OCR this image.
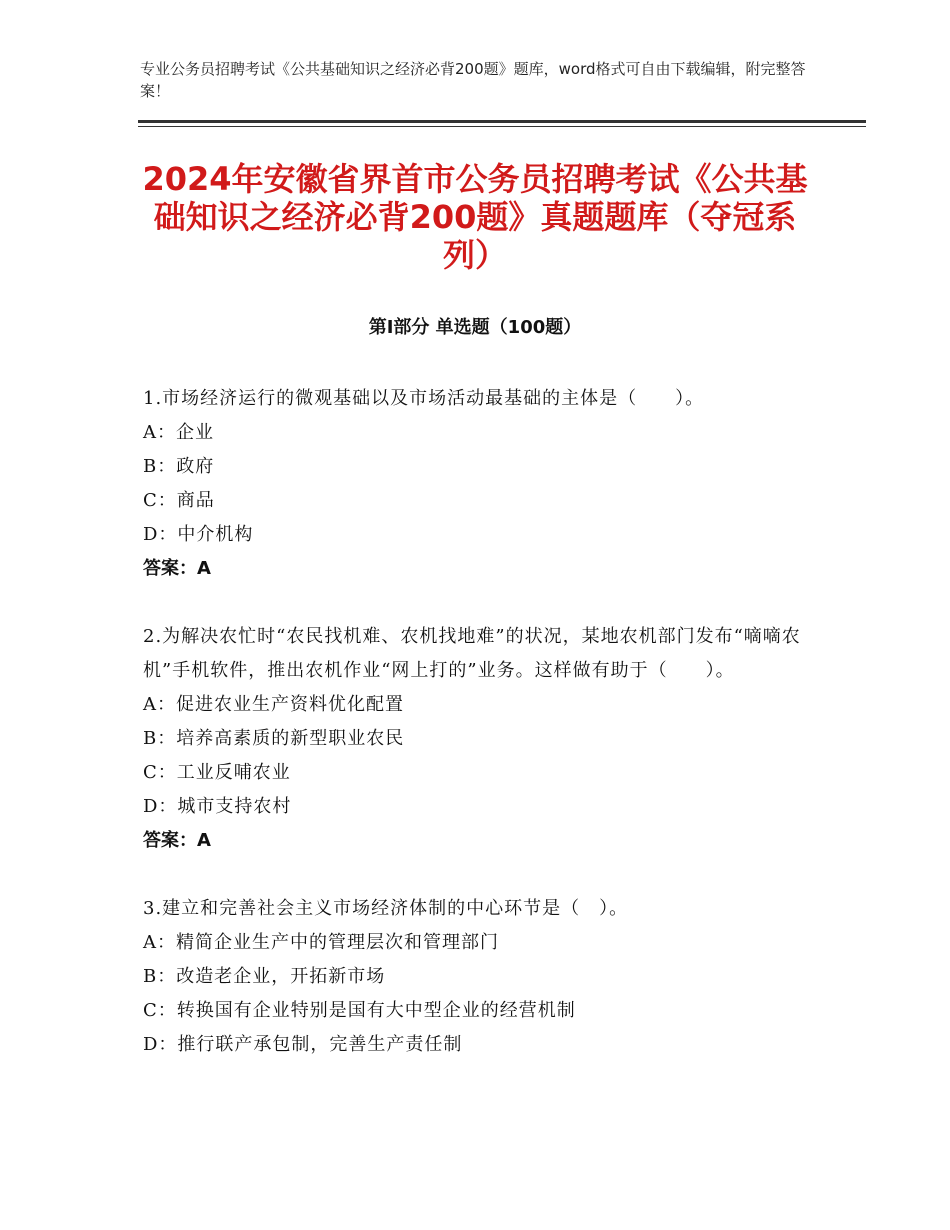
专业公务员招聘考试《公共基础知识之经济必背200题》题库，word格式可自由下载编辑，附完整答案！
2024年安徽省界首市公务员招聘考试《公共基础知识之经济必背200题》真题题库（夺冠系列）
第Ⅰ部分 单选题（100题）

1.市场经济运行的微观基础以及市场活动最基础的主体是（　　）。

A：企业

B：政府

C：商品

D：中介机构

答案：A

2.为解决农忙时“农民找机难、农机找地难”的状况，某地农机部门发布“嘀嘀农机”手机软件，推出农机作业“网上打的”业务。这样做有助于（　　）。

A：促进农业生产资料优化配置

B：培养高素质的新型职业农民

C：工业反哺农业

D：城市支持农村

答案：A

3.建立和完善社会主义市场经济体制的中心环节是（　）。

A：精简企业生产中的管理层次和管理部门

B：改造老企业，开拓新市场

C：转换国有企业特别是国有大中型企业的经营机制

D：推行联产承包制，完善生产责任制
